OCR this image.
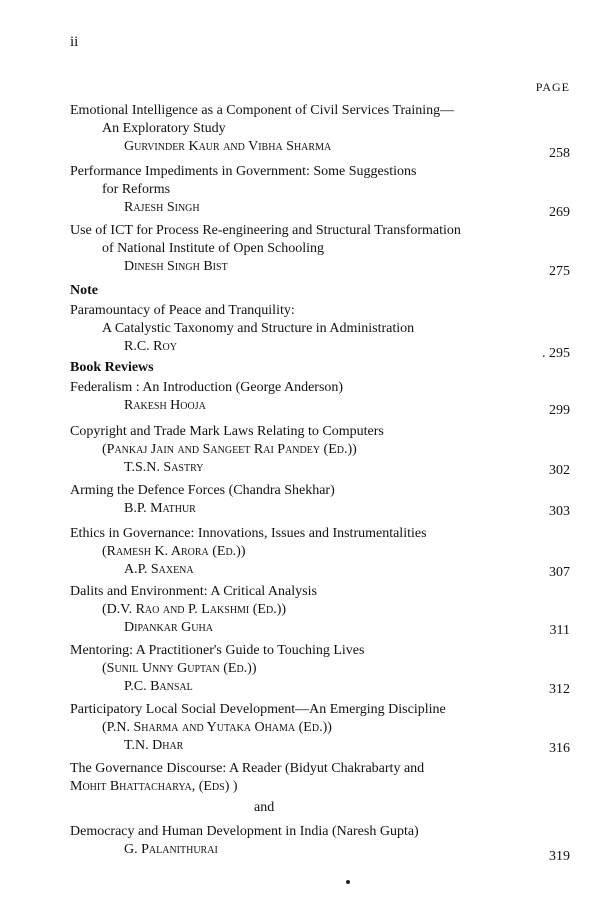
ii
PAGE
Emotional Intelligence as a Component of Civil Services Training—
An Exploratory Study
Gurvinder Kaur and Vibha Sharma	258
Performance Impediments in Government: Some Suggestions
for Reforms
Rajesh Singh	269
Use of ICT for Process Re-engineering and Structural Transformation
of National Institute of Open Schooling
Dinesh Singh Bist	275
Note
Paramountacy of Peace and Tranquility:
A Catalystic Taxonomy and Structure in Administration
R.C. Roy	. 295
Book Reviews
Federalism : An Introduction (George Anderson)
Rakesh Hooja	299
Copyright and Trade Mark Laws Relating to Computers
(Pankaj Jain and Sangeet Rai Pandey (Ed.))
T.S.N. Sastry	302
Arming the Defence Forces (Chandra Shekhar)
B.P. Mathur	303
Ethics in Governance: Innovations, Issues and Instrumentalities
(Ramesh K. Arora (Ed.))
A.P. Saxena	307
Dalits and Environment: A Critical Analysis
(D.V. Rao and P. Lakshmi (Ed.))
Dipankar Guha	311
Mentoring: A Practitioner's Guide to Touching Lives
(Sunil Unny Guptan (Ed.))
P.C. Bansal	312
Participatory Local Social Development—An Emerging Discipline
(P.N. Sharma and Yutaka Ohama (Ed.))
T.N. Dhar	316
The Governance Discourse: A Reader (Bidyut Chakrabarty and
Mohit Bhattacharya, (Eds) )
and
Democracy and Human Development in India (Naresh Gupta)
G. Palanithurai	319
